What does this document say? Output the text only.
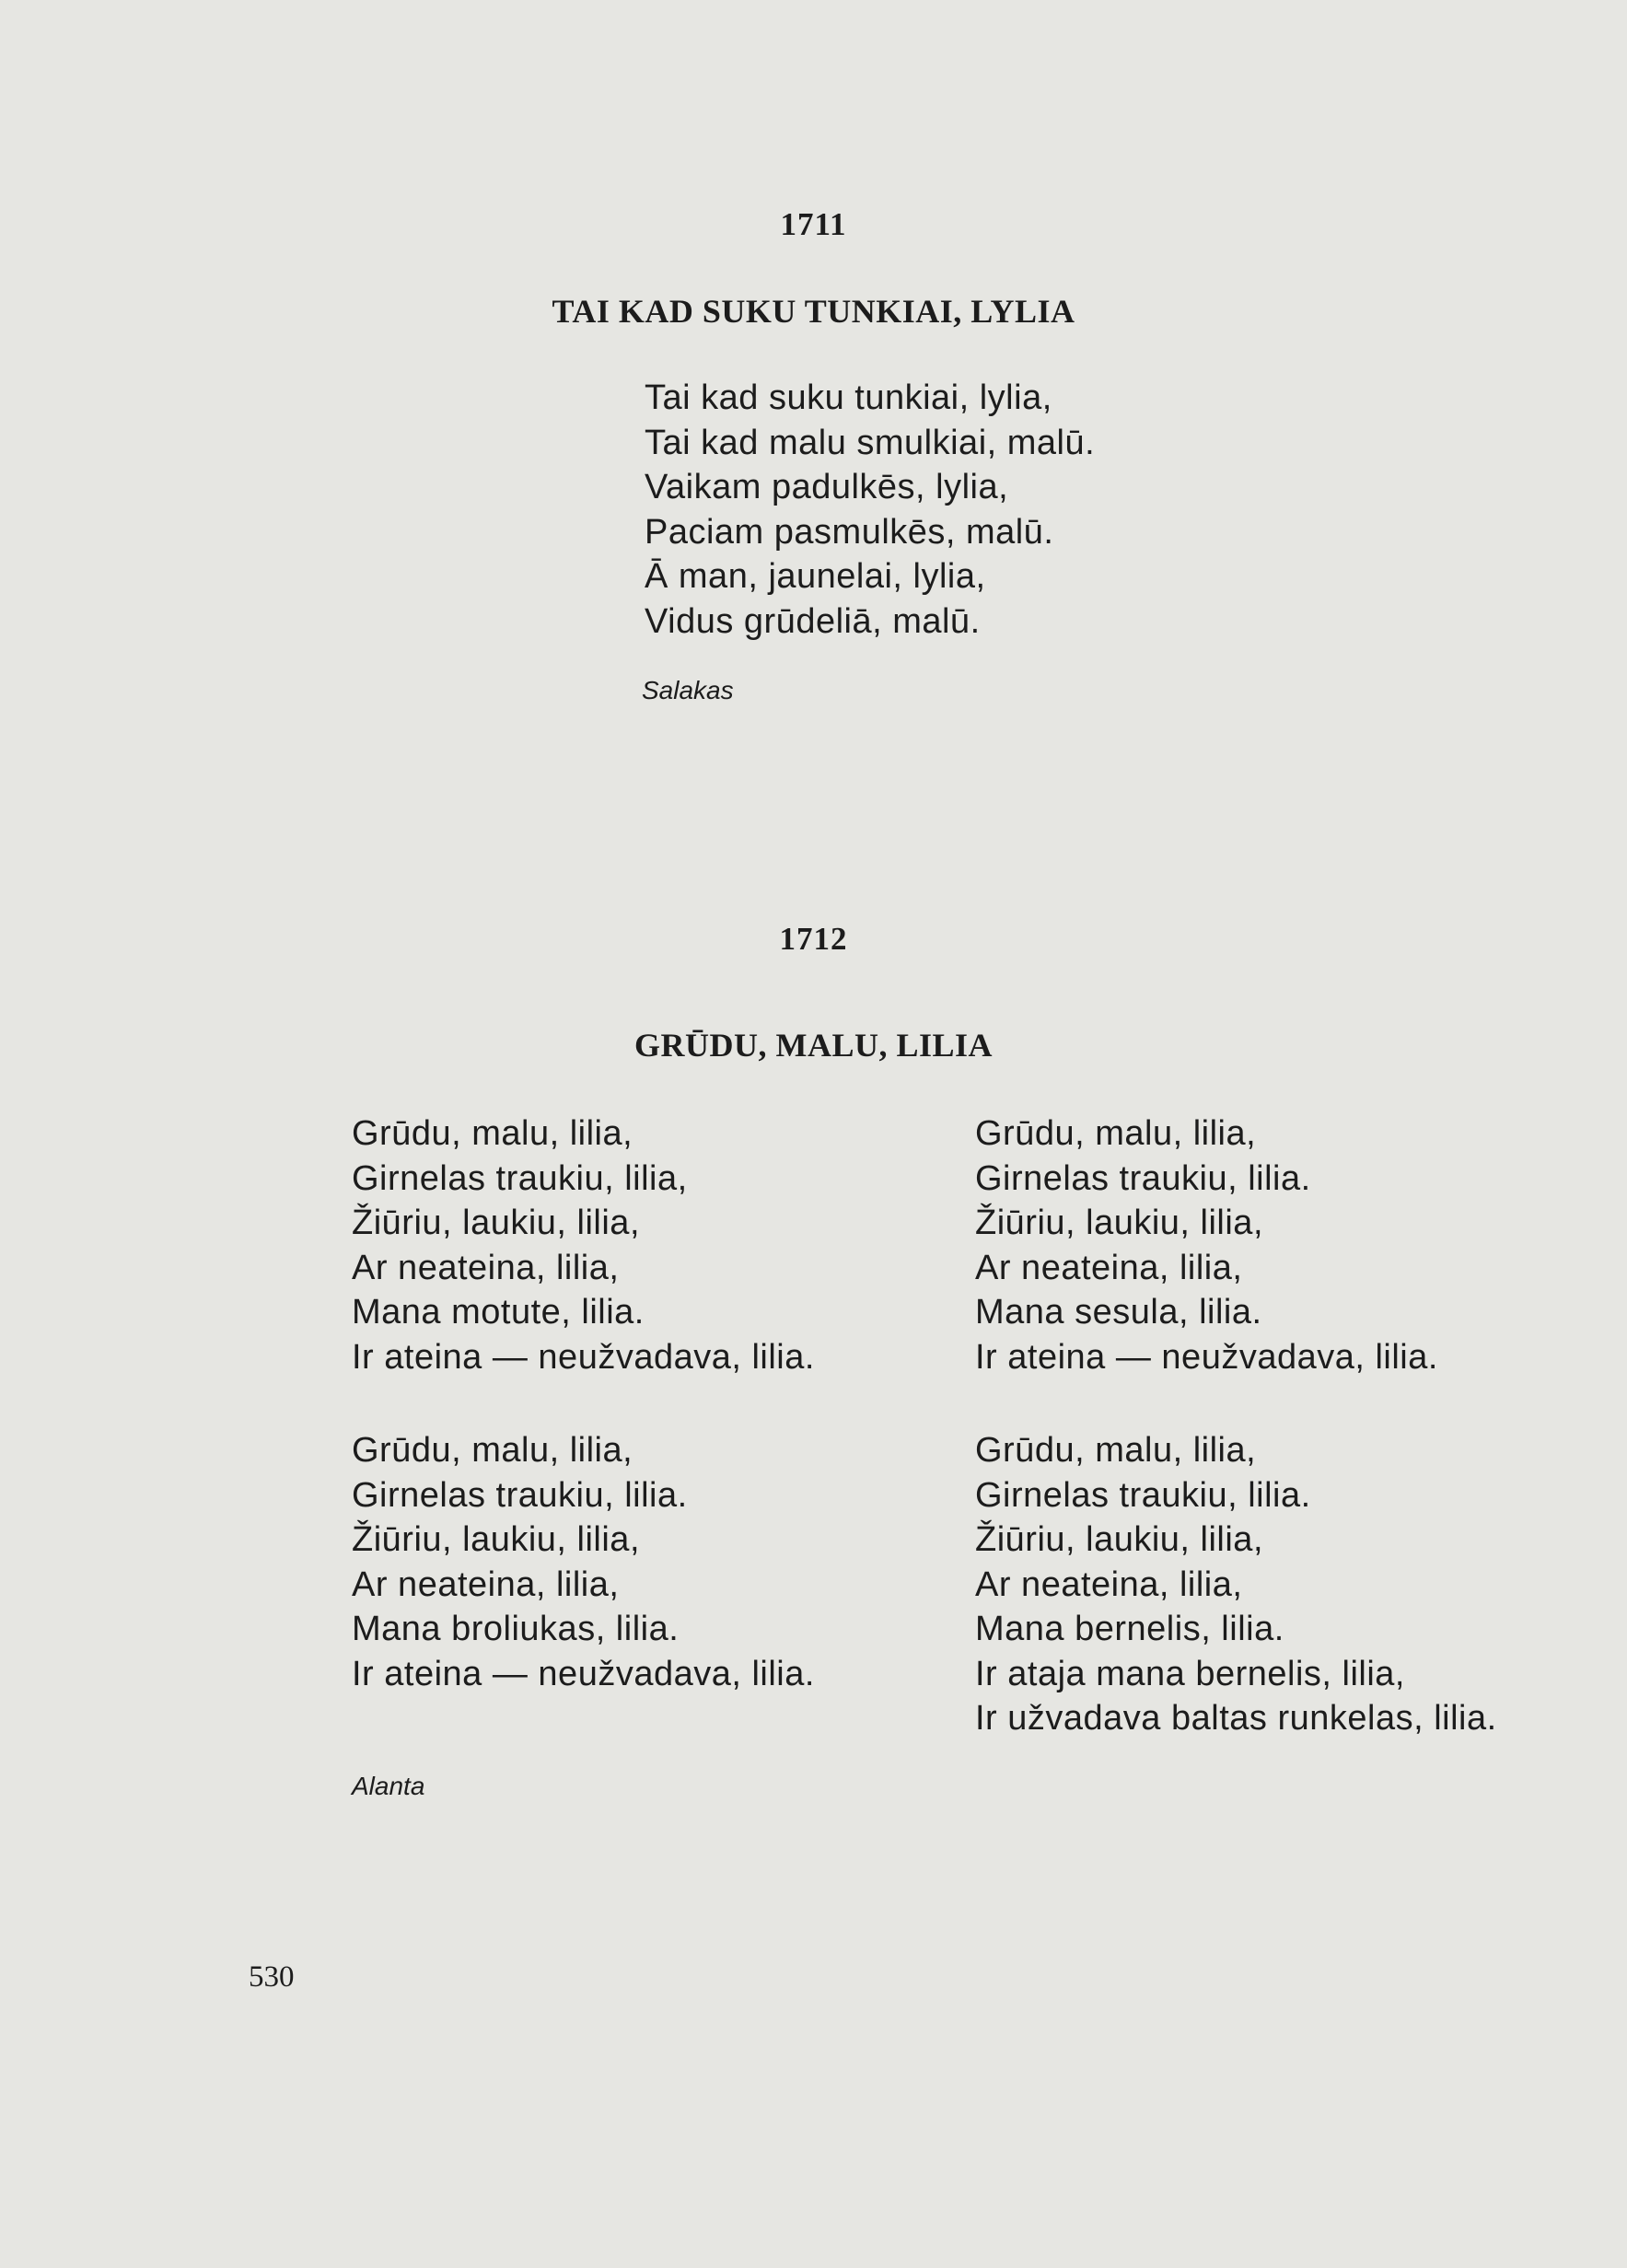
1711
TAI KAD SUKU TUNKIAI, LYLIA
Tai kad suku tunkiai, lylia,
Tai kad malu smulkiai, malū.
Vaikam padulkēs, lylia,
Paciam pasmulkēs, malū.
Ā man, jaunelai, lylia,
Vidus grūdeliā, malū.
Salakas
1712
GRŪDU, MALU, LILIA
Grūdu, malu, lilia,
Girnelas traukiu, lilia,
Žiūriu, laukiu, lilia,
Ar neateina, lilia,
Mana motute, lilia.
Ir ateina — neužvadava, lilia.
Grūdu, malu, lilia,
Girnelas traukiu, lilia.
Žiūriu, laukiu, lilia,
Ar neateina, lilia,
Mana sesula, lilia.
Ir ateina — neužvadava, lilia.
Grūdu, malu, lilia,
Girnelas traukiu, lilia.
Žiūriu, laukiu, lilia,
Ar neateina, lilia,
Mana broliukas, lilia.
Ir ateina — neužvadava, lilia.
Grūdu, malu, lilia,
Girnelas traukiu, lilia.
Žiūriu, laukiu, lilia,
Ar neateina, lilia,
Mana bernelis, lilia.
Ir ataja mana bernelis, lilia,
Ir užvadava baltas runkelas, lilia.
Alanta
530
